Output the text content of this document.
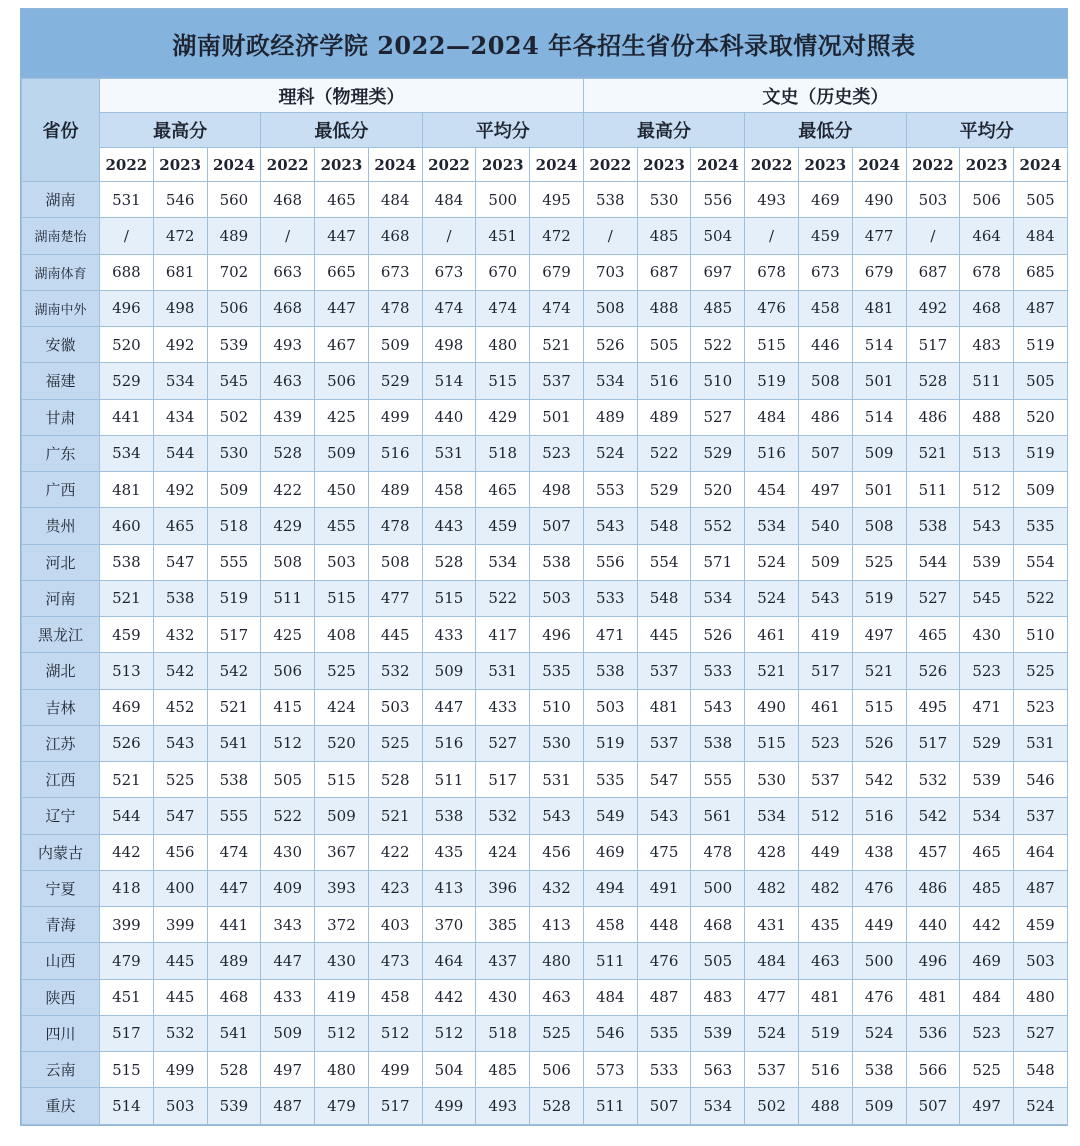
湖南财政经济学院 2022—2024 年各招生省份本科录取情况对照表
省份	理科（物理类）									文史（历史类）								
	最高分			最低分			平均分			最高分			最低分			平均分		
	2022	2023	2024	2022	2023	2024	2022	2023	2024	2022	2023	2024	2022	2023	2024	2022	2023	2024
湖南	531	546	560	468	465	484	484	500	495	538	530	556	493	469	490	503	506	505
湖南楚怡	/	472	489	/	447	468	/	451	472	/	485	504	/	459	477	/	464	484
湖南体育	688	681	702	663	665	673	673	670	679	703	687	697	678	673	679	687	678	685
湖南中外	496	498	506	468	447	478	474	474	474	508	488	485	476	458	481	492	468	487
安徽	520	492	539	493	467	509	498	480	521	526	505	522	515	446	514	517	483	519
福建	529	534	545	463	506	529	514	515	537	534	516	510	519	508	501	528	511	505
甘肃	441	434	502	439	425	499	440	429	501	489	489	527	484	486	514	486	488	520
广东	534	544	530	528	509	516	531	518	523	524	522	529	516	507	509	521	513	519
广西	481	492	509	422	450	489	458	465	498	553	529	520	454	497	501	511	512	509
贵州	460	465	518	429	455	478	443	459	507	543	548	552	534	540	508	538	543	535
河北	538	547	555	508	503	508	528	534	538	556	554	571	524	509	525	544	539	554
河南	521	538	519	511	515	477	515	522	503	533	548	534	524	543	519	527	545	522
黑龙江	459	432	517	425	408	445	433	417	496	471	445	526	461	419	497	465	430	510
湖北	513	542	542	506	525	532	509	531	535	538	537	533	521	517	521	526	523	525
吉林	469	452	521	415	424	503	447	433	510	503	481	543	490	461	515	495	471	523
江苏	526	543	541	512	520	525	516	527	530	519	537	538	515	523	526	517	529	531
江西	521	525	538	505	515	528	511	517	531	535	547	555	530	537	542	532	539	546
辽宁	544	547	555	522	509	521	538	532	543	549	543	561	534	512	516	542	534	537
内蒙古	442	456	474	430	367	422	435	424	456	469	475	478	428	449	438	457	465	464
宁夏	418	400	447	409	393	423	413	396	432	494	491	500	482	482	476	486	485	487
青海	399	399	441	343	372	403	370	385	413	458	448	468	431	435	449	440	442	459
山西	479	445	489	447	430	473	464	437	480	511	476	505	484	463	500	496	469	503
陕西	451	445	468	433	419	458	442	430	463	484	487	483	477	481	476	481	484	480
四川	517	532	541	509	512	512	512	518	525	546	535	539	524	519	524	536	523	527
云南	515	499	528	497	480	499	504	485	506	573	533	563	537	516	538	566	525	548
重庆	514	503	539	487	479	517	499	493	528	511	507	534	502	488	509	507	497	524
